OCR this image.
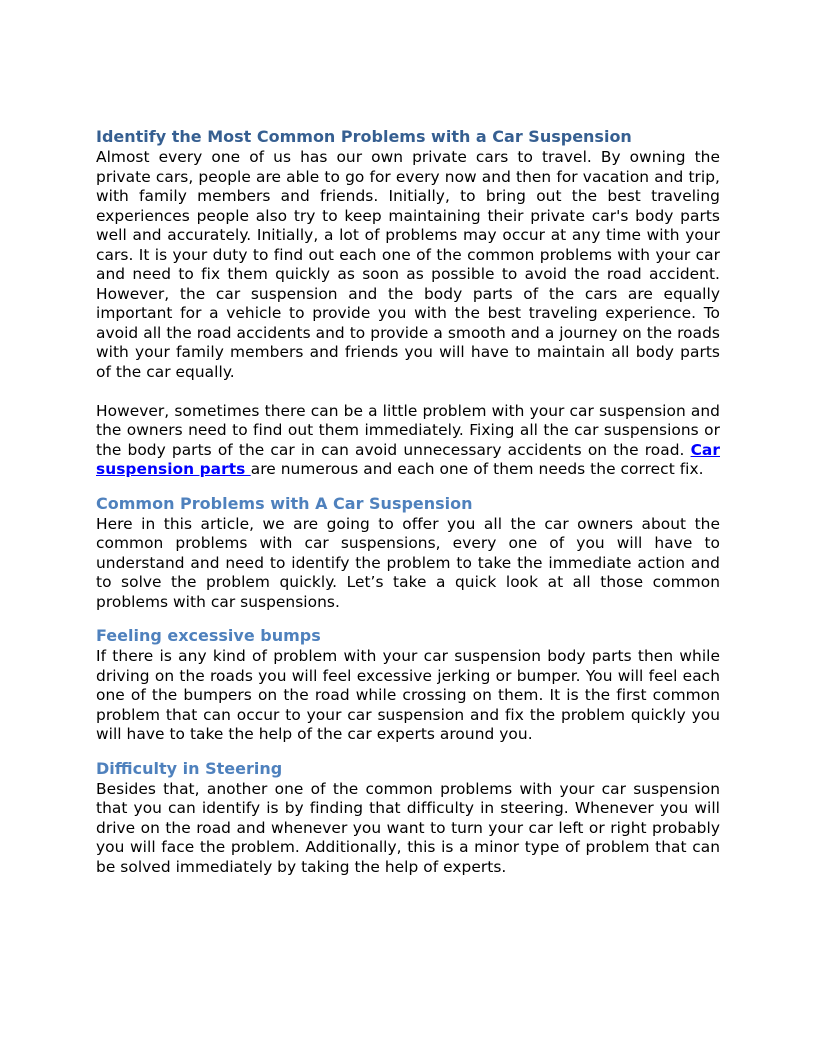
Identify the Most Common Problems with a Car Suspension

Almost every one of us has our own private cars to travel. By owning the private cars, people are able to go for every now and then for vacation and trip, with family members and friends. Initially, to bring out the best traveling experiences people also try to keep maintaining their private car's body parts well and accurately. Initially, a lot of problems may occur at any time with your cars. It is your duty to find out each one of the common problems with your car and need to fix them quickly as soon as possible to avoid the road accident. However, the car suspension and the body parts of the cars are equally important for a vehicle to provide you with the best traveling experience. To avoid all the road accidents and to provide a smooth and a journey on the roads with your family members and friends you will have to maintain all body parts of the car equally.

However, sometimes there can be a little problem with your car suspension and the owners need to find out them immediately. Fixing all the car suspensions or the body parts of the car in can avoid unnecessary accidents on the road. Car suspension parts are numerous and each one of them needs the correct fix.

Common Problems with A Car Suspension

Here in this article, we are going to offer you all the car owners about the common problems with car suspensions, every one of you will have to understand and need to identify the problem to take the immediate action and to solve the problem quickly. Let’s take a quick look at all those common problems with car suspensions.

Feeling excessive bumps

If there is any kind of problem with your car suspension body parts then while driving on the roads you will feel excessive jerking or bumper. You will feel each one of the bumpers on the road while crossing on them. It is the first common problem that can occur to your car suspension and fix the problem quickly you will have to take the help of the car experts around you.

Difficulty in Steering

Besides that, another one of the common problems with your car suspension that you can identify is by finding that difficulty in steering. Whenever you will drive on the road and whenever you want to turn your car left or right probably you will face the problem. Additionally, this is a minor type of problem that can be solved immediately by taking the help of experts.
